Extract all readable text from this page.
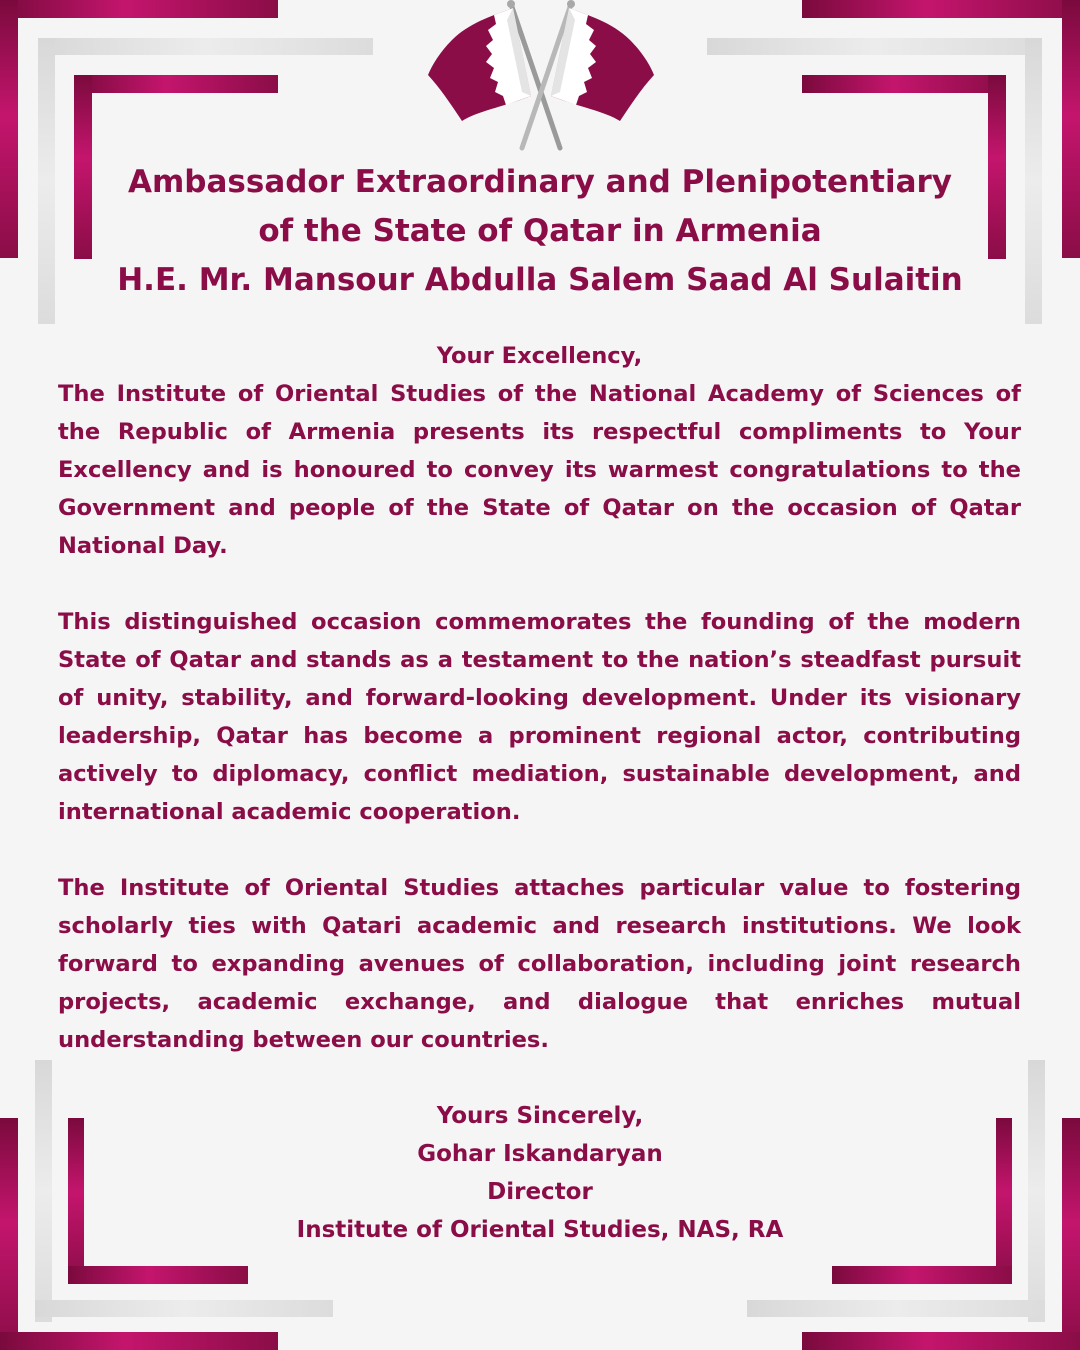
Ambassador Extraordinary and Plenipotentiary
of the State of Qatar in Armenia
H.E. Mr. Mansour Abdulla Salem Saad Al Sulaitin

Your Excellency,

The Institute of Oriental Studies of the National Academy of Sciences of the Republic of Armenia presents its respectful compliments to Your Excellency and is honoured to convey its warmest congratulations to the Government and people of the State of Qatar on the occasion of Qatar National Day.

This distinguished occasion commemorates the founding of the modern State of Qatar and stands as a testament to the nation’s steadfast pursuit of unity, stability, and forward-looking development. Under its visionary leadership, Qatar has become a prominent regional actor, contributing actively to diplomacy, conflict mediation, sustainable development, and international academic cooperation.

The Institute of Oriental Studies attaches particular value to fostering scholarly ties with Qatari academic and research institutions. We look forward to expanding avenues of collaboration, including joint research projects, academic exchange, and dialogue that enriches mutual understanding between our countries.

Yours Sincerely,
Gohar Iskandaryan
Director
Institute of Oriental Studies, NAS, RA
